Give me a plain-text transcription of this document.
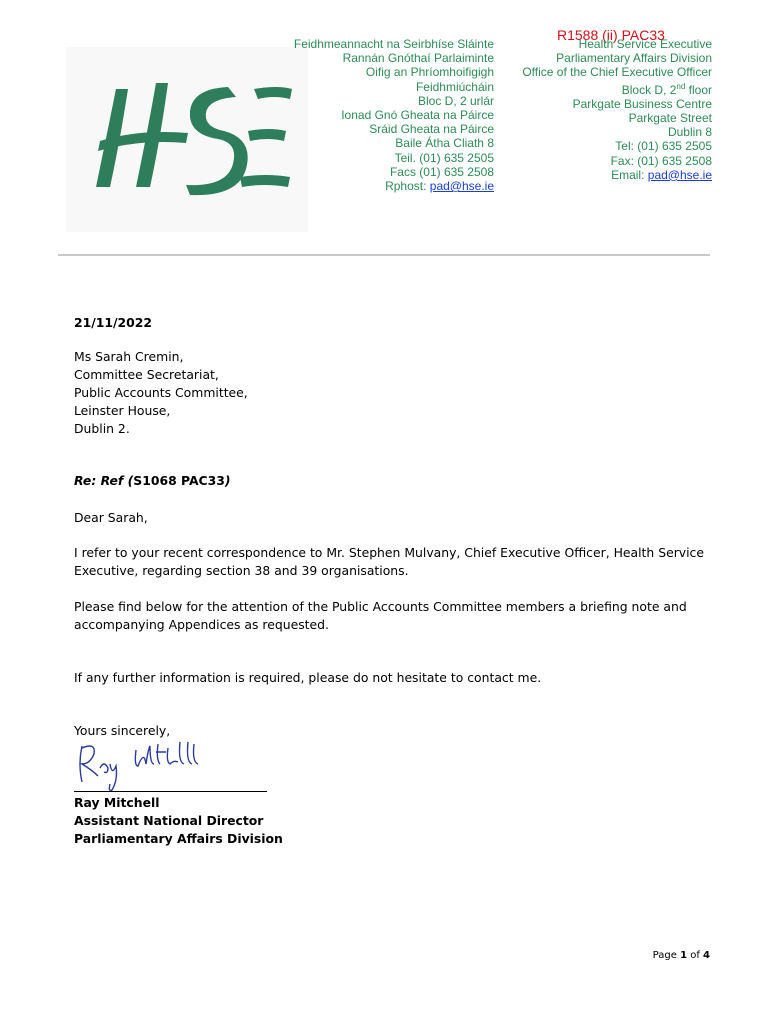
R1588 (ii) PAC33
Feidhmeannacht na Seirbhíse Sláinte
Rannán Gnóthaí Parlaiminte
Oifig an Phríomhoifigigh
Feidhmiúcháin
Bloc D, 2 urlár
Ionad Gnó Gheata na Páirce
Sráid Gheata na Páirce
Baile Átha Cliath 8
Teil. (01) 635 2505
Facs (01) 635 2508
Rphost: pad@hse.ie
Health Service Executive
Parliamentary Affairs Division
Office of the Chief Executive Officer
Block D, 2nd floor
Parkgate Business Centre
Parkgate Street
Dublin 8
Tel: (01) 635 2505
Fax: (01) 635 2508
Email: pad@hse.ie
21/11/2022
Ms Sarah Cremin,
Committee Secretariat,
Public Accounts Committee,
Leinster House,
Dublin 2.
Re: Ref (S1068 PAC33)
Dear Sarah,
I refer to your recent correspondence to Mr. Stephen Mulvany, Chief Executive Officer, Health Service Executive, regarding section 38 and 39 organisations.
Please find below for the attention of the Public Accounts Committee members a briefing note and accompanying Appendices as requested.
If any further information is required, please do not hesitate to contact me.
Yours sincerely,
Ray Mitchell
Assistant National Director
Parliamentary Affairs Division
Page 1 of 4
